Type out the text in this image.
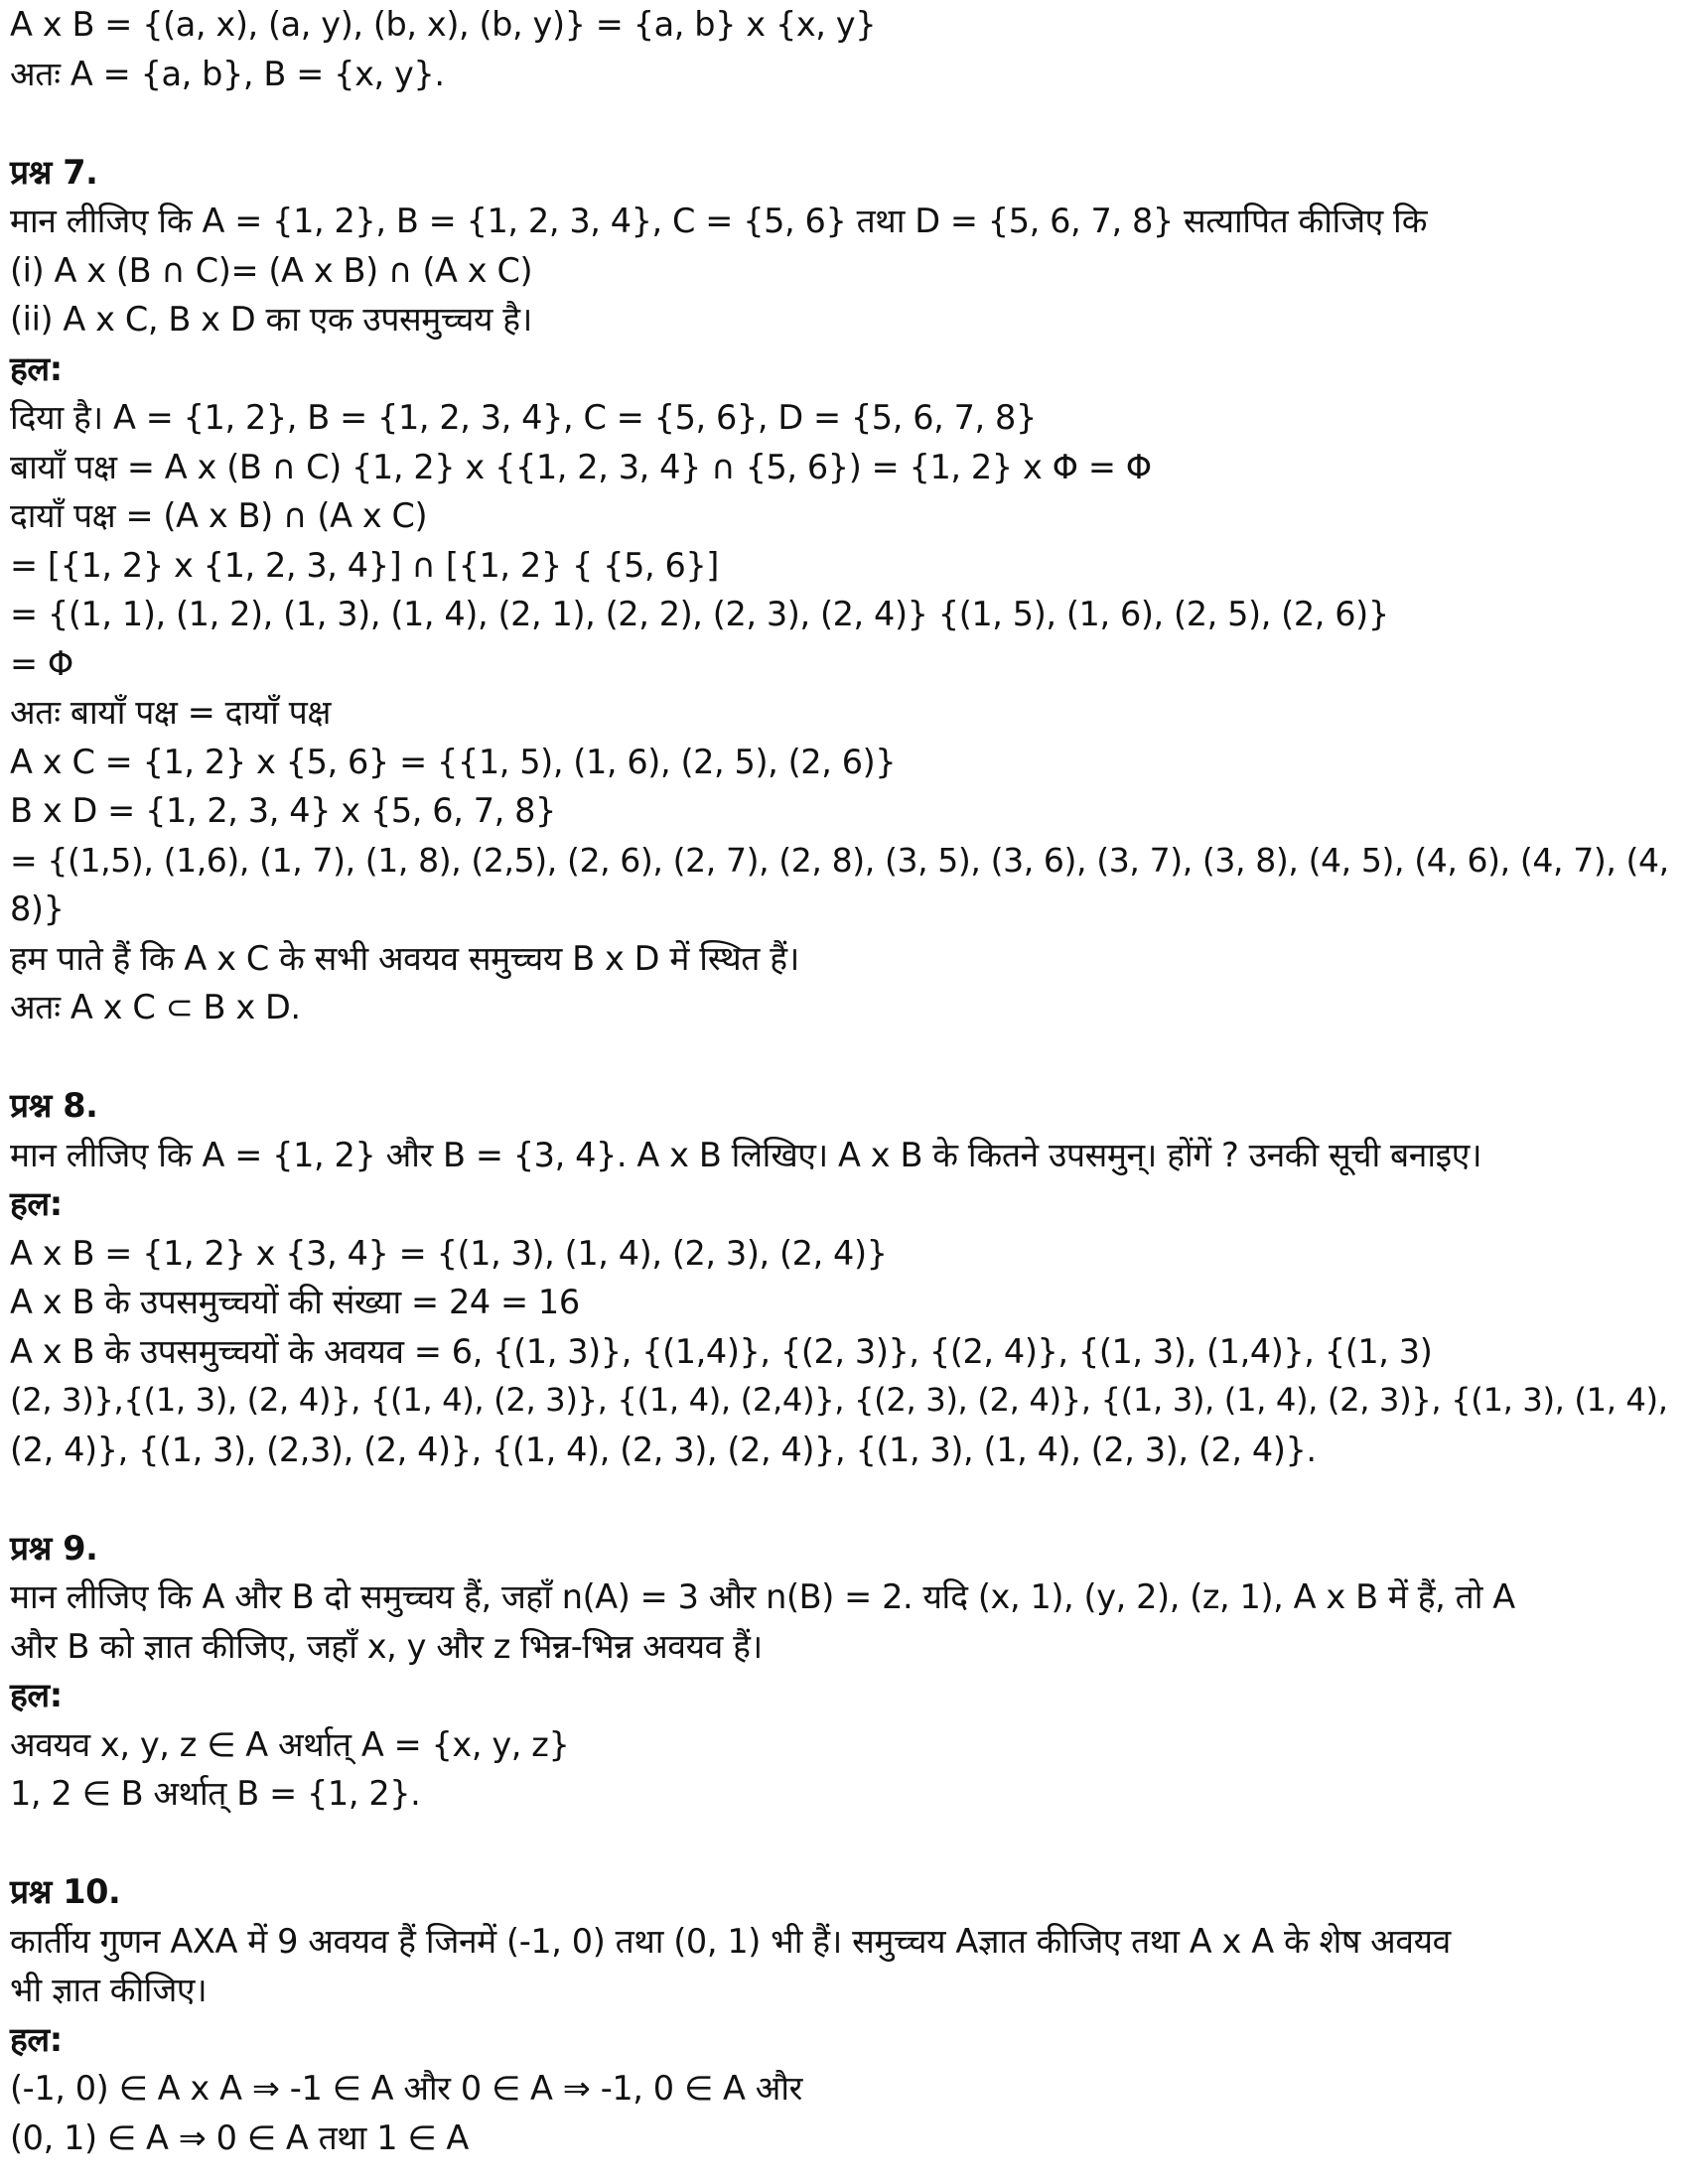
A x B = {(a, x), (a, y), (b, x), (b, y)} = {a, b} x {x, y}
अतः A = {a, b}, B = {x, y}.
प्रश्न 7.
मान लीजिए कि A = {1, 2}, B = {1, 2, 3, 4}, C = {5, 6} तथा D = {5, 6, 7, 8} सत्यापित कीजिए कि
(i) A x (B ∩ C)= (A x B) ∩ (A x C)
(ii) A x C, B x D का एक उपसमुच्चय है।
हल:
दिया है। A = {1, 2}, B = {1, 2, 3, 4}, C = {5, 6}, D = {5, 6, 7, 8}
बायाँ पक्ष = A x (B ∩ C) {1, 2} x {{1, 2, 3, 4} ∩ {5, 6}) = {1, 2} x Φ = Φ
दायाँ पक्ष = (A x B) ∩ (A x C)
= [{1, 2} x {1, 2, 3, 4}] ∩ [{1, 2} { {5, 6}]
= {(1, 1), (1, 2), (1, 3), (1, 4), (2, 1), (2, 2), (2, 3), (2, 4)} {(1, 5), (1, 6), (2, 5), (2, 6)}
= Φ
अतः बायाँ पक्ष = दायाँ पक्ष
A x C = {1, 2} x {5, 6} = {{1, 5), (1, 6), (2, 5), (2, 6)}
B x D = {1, 2, 3, 4} x {5, 6, 7, 8}
= {(1,5), (1,6), (1, 7), (1, 8), (2,5), (2, 6), (2, 7), (2, 8), (3, 5), (3, 6), (3, 7), (3, 8), (4, 5), (4, 6), (4, 7), (4,
8)}
हम पाते हैं कि A x C के सभी अवयव समुच्चय B x D में स्थित हैं।
अतः A x C ⊂ B x D.
प्रश्न 8.
मान लीजिए कि A = {1, 2} और B = {3, 4}. A x B लिखिए। A x B के कितने उपसमुन्। होंगें ? उनकी सूची बनाइए।
हल:
A x B = {1, 2} x {3, 4} = {(1, 3), (1, 4), (2, 3), (2, 4)}
A x B के उपसमुच्चयों की संख्या = 24 = 16
A x B के उपसमुच्चयों के अवयव = 6, {(1, 3)}, {(1,4)}, {(2, 3)}, {(2, 4)}, {(1, 3), (1,4)}, {(1, 3)
(2, 3)},{(1, 3), (2, 4)}, {(1, 4), (2, 3)}, {(1, 4), (2,4)}, {(2, 3), (2, 4)}, {(1, 3), (1, 4), (2, 3)}, {(1, 3), (1, 4),
(2, 4)}, {(1, 3), (2,3), (2, 4)}, {(1, 4), (2, 3), (2, 4)}, {(1, 3), (1, 4), (2, 3), (2, 4)}.
प्रश्न 9.
मान लीजिए कि A और B दो समुच्चय हैं, जहाँ n(A) = 3 और n(B) = 2. यदि (x, 1), (y, 2), (z, 1), A x B में हैं, तो A
और B को ज्ञात कीजिए, जहाँ x, y और z भिन्न-भिन्न अवयव हैं।
हल:
अवयव x, y, z ∈ A अर्थात् A = {x, y, z}
1, 2 ∈ B अर्थात् B = {1, 2}.
प्रश्न 10.
कार्तीय गुणन AXA में 9 अवयव हैं जिनमें (-1, 0) तथा (0, 1) भी हैं। समुच्चय Aज्ञात कीजिए तथा A x A के शेष अवयव
भी ज्ञात कीजिए।
हल:
(-1, 0) ∈ A x A ⇒ -1 ∈ A और 0 ∈ A ⇒ -1, 0 ∈ A और
(0, 1) ∈ A ⇒ 0 ∈ A तथा 1 ∈ A
